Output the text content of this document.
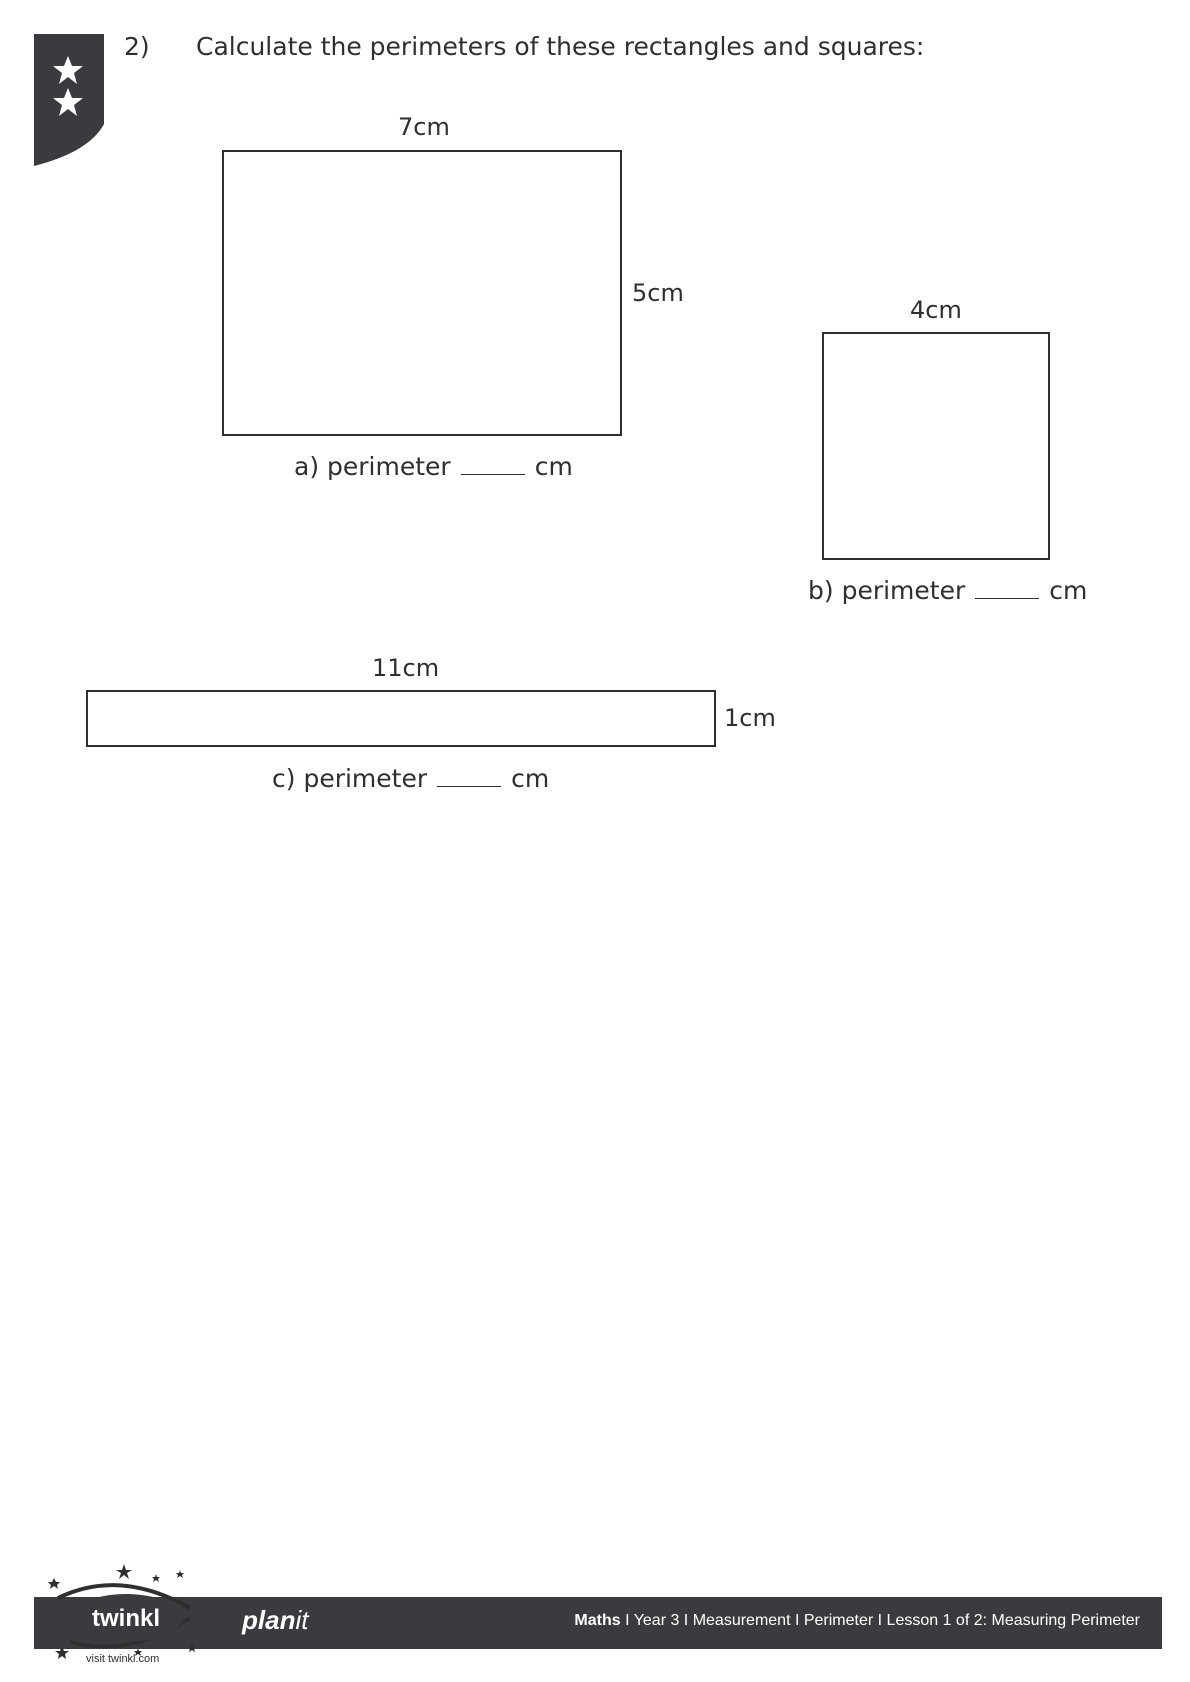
2) Calculate the perimeters of these rectangles and squares:
7cm
5cm
a) perimeter	cm
4cm
b) perimeter	cm
11cm
1cm
c) perimeter	cm
planit	Maths I Year 3 I Measurement I Perimeter I Lesson 1 of 2: Measuring Perimeter
twinkl
visit twinkl.com
